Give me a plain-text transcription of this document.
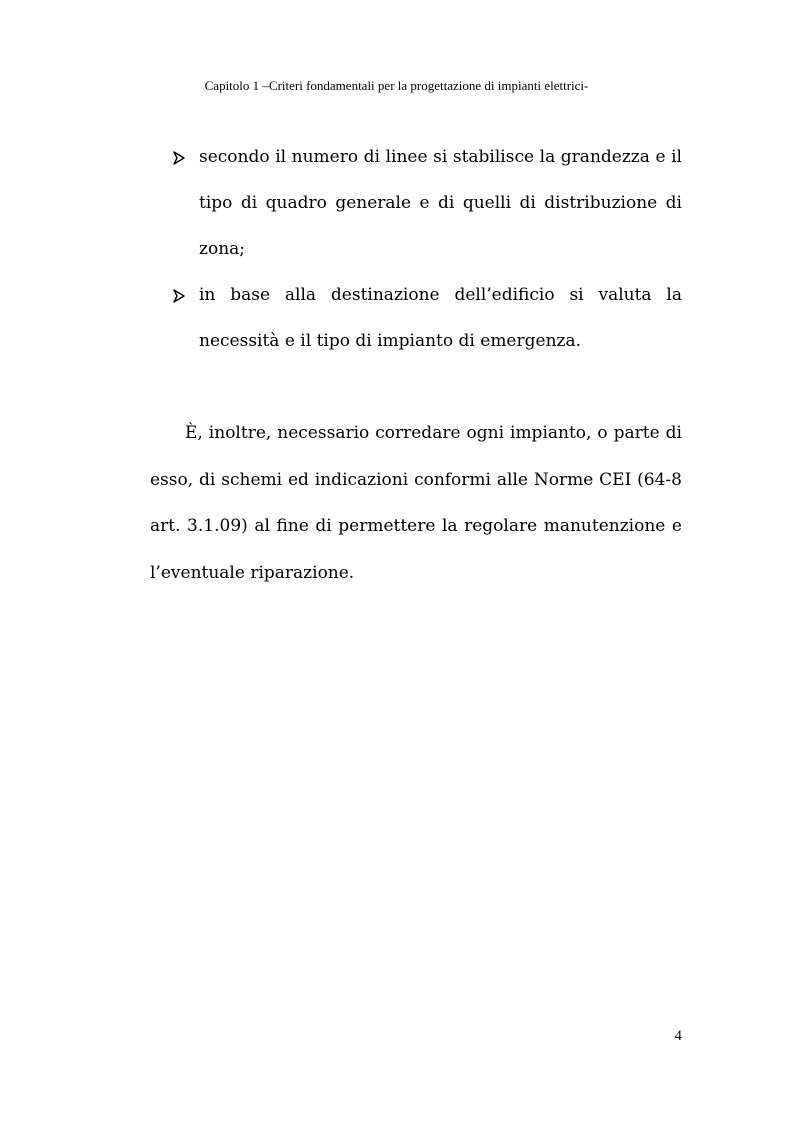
Capitolo 1 –Criteri fondamentali per la progettazione di impianti elettrici-
secondo il numero di linee si stabilisce la grandezza e il tipo di quadro generale e di quelli di distribuzione di zona;
in base alla destinazione dell’edificio si valuta la necessità e il tipo di impianto di emergenza.
È, inoltre, necessario corredare ogni impianto, o parte di esso, di schemi ed indicazioni conformi alle Norme CEI (64-8 art. 3.1.09) al fine di permettere la regolare manutenzione e l’eventuale riparazione.
4
